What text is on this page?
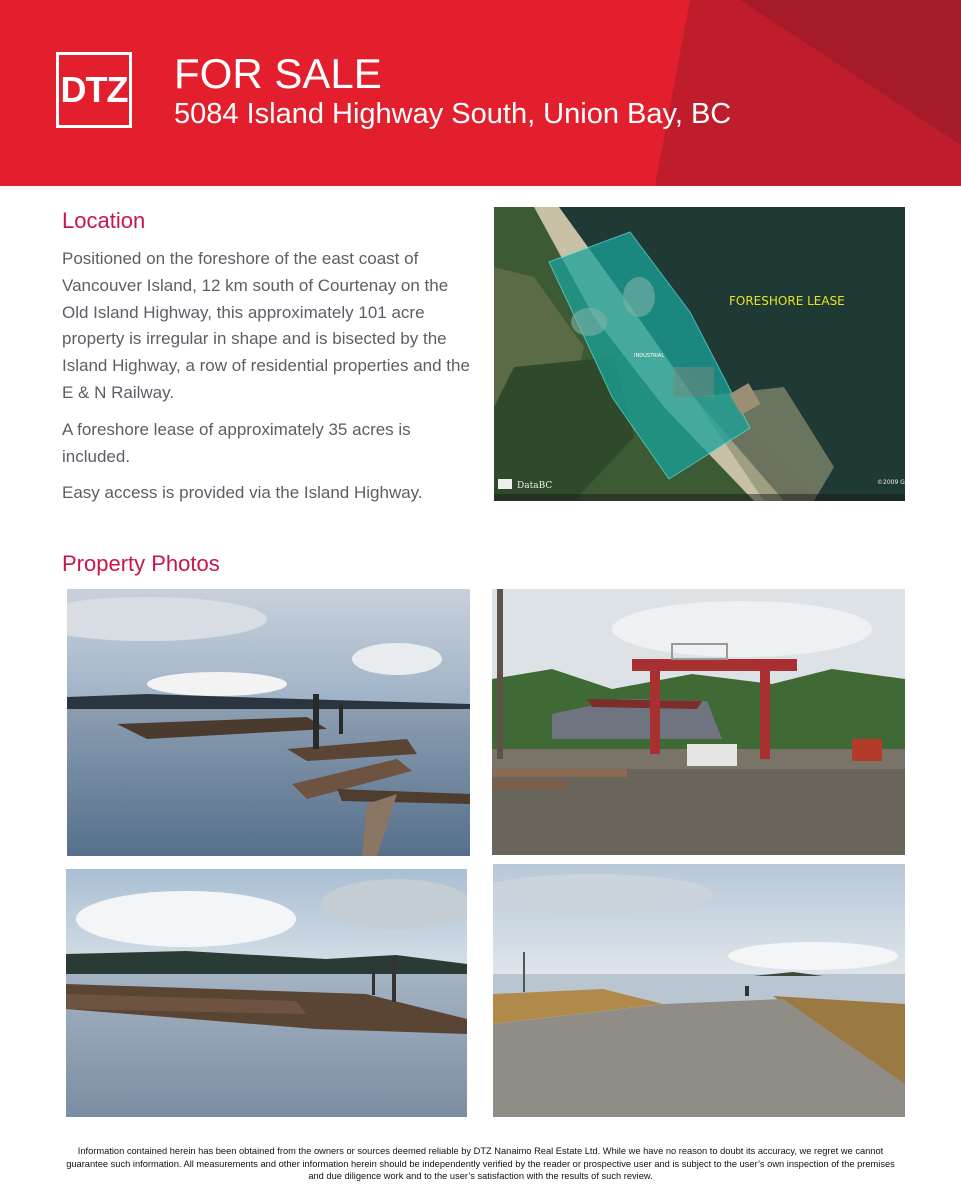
DTZ FOR SALE
5084 Island Highway South, Union Bay, BC
Location

Positioned on the foreshore of the east coast of Vancouver Island, 12 km south of Courtenay on the Old Island Highway, this approximately 101 acre property is irregular in shape and is bisected by the Island Highway, a row of residential properties and the E & N Railway.

A foreshore lease of approximately 35 acres is included.

Easy access is provided via the Island Highway.

FORESHORE LEASE
INDUSTRIAL
DataBC	©2009 G
Property Photos
Information contained herein has been obtained from the owners or sources deemed reliable by DTZ Nanaimo Real Estate Ltd. While we have no reason to doubt its accuracy, we regret we cannot guarantee such information. All measurements and other information herein should be independently verified by the reader or prospective user and is subject to the user’s own inspection of the premises and due diligence work and to the user’s satisfaction with the results of such review.
